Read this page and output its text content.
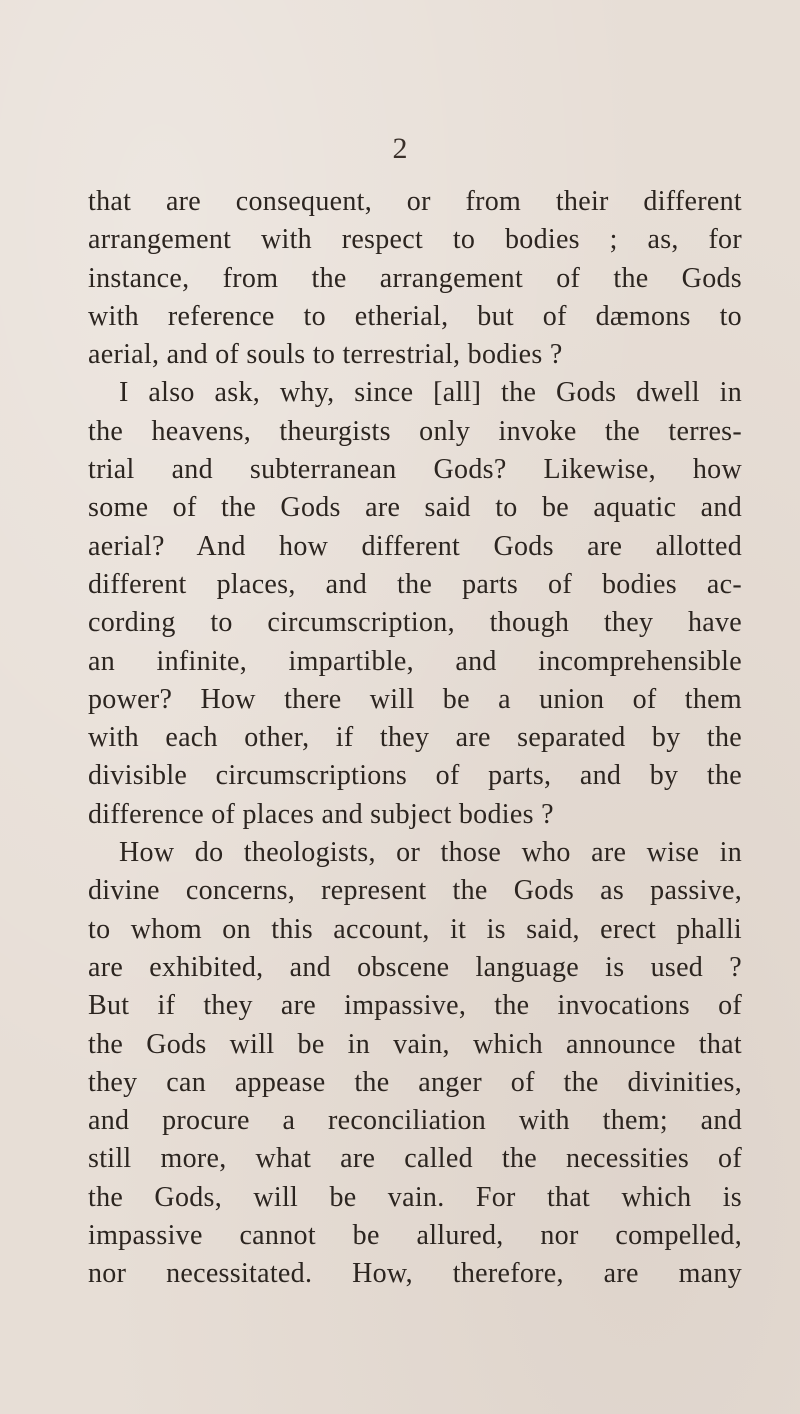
2
that are consequent, or from their different
arrangement with respect to bodies ; as, for
instance, from the arrangement of the Gods
with reference to etherial, but of dæmons to
aerial, and of souls to terrestrial, bodies ?
I also ask, why, since [all] the Gods dwell in
the heavens, theurgists only invoke the terres-
trial and subterranean Gods? Likewise, how
some of the Gods are said to be aquatic and
aerial? And how different Gods are allotted
different places, and the parts of bodies ac-
cording to circumscription, though they have
an infinite, impartible, and incomprehensible
power? How there will be a union of them
with each other, if they are separated by the
divisible circumscriptions of parts, and by the
difference of places and subject bodies ?
How do theologists, or those who are wise in
divine concerns, represent the Gods as passive,
to whom on this account, it is said, erect phalli
are exhibited, and obscene language is used ?
But if they are impassive, the invocations of
the Gods will be in vain, which announce that
they can appease the anger of the divinities,
and procure a reconciliation with them; and
still more, what are called the necessities of
the Gods, will be vain. For that which is
impassive cannot be allured, nor compelled,
nor necessitated. How, therefore, are many
